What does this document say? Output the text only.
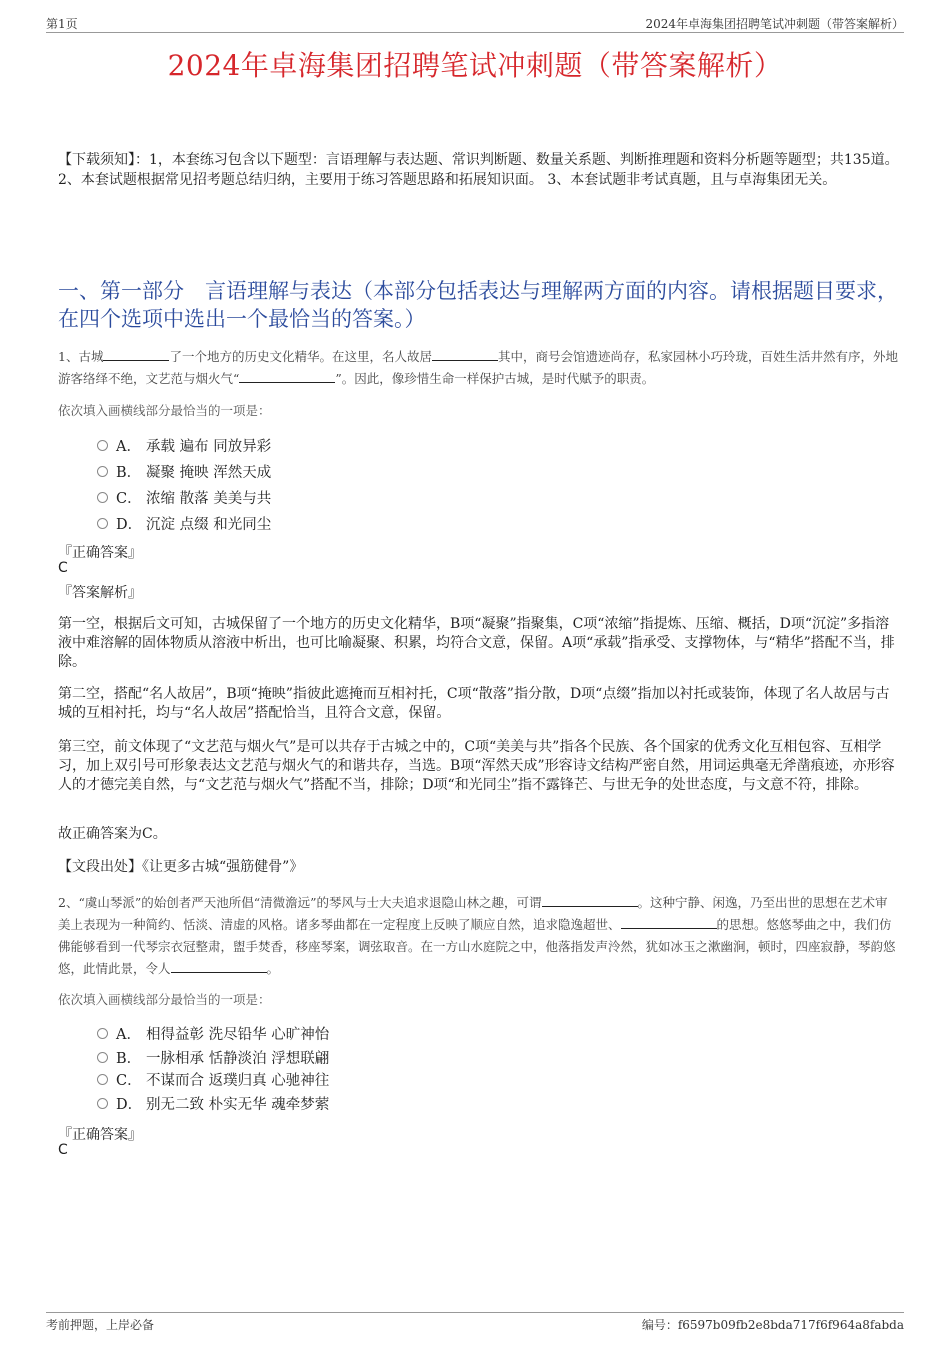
第1页	2024年卓海集团招聘笔试冲刺题（带答案解析）
2024年卓海集团招聘笔试冲刺题（带答案解析）
【下载须知】：1，本套练习包含以下题型：言语理解与表达题、常识判断题、数量关系题、判断推理题和资料分析题等题型；共135道。 2、本套试题根据常见招考题总结归纳，主要用于练习答题思路和拓展知识面。 3、本套试题非考试真题，且与卓海集团无关。
一、第一部分　言语理解与表达（本部分包括表达与理解两方面的内容。请根据题目要求，在四个选项中选出一个最恰当的答案。）
1、古城	了一个地方的历史文化精华。在这里，名人故居	其中，商号会馆遗迹尚存，私家园林小巧玲珑，百姓生活井然有序，外地游客络绎不绝，文艺范与烟火气“	”。因此，像珍惜生命一样保护古城，是时代赋予的职责。
依次填入画横线部分最恰当的一项是：
A． 承载 遍布 同放异彩
B． 凝聚 掩映 浑然天成
C． 浓缩 散落 美美与共
D． 沉淀 点缀 和光同尘
『正确答案』
C
『答案解析』
第一空，根据后文可知，古城保留了一个地方的历史文化精华，B项“凝聚”指聚集，C项“浓缩”指提炼、压缩、概括，D项“沉淀”多指溶液中难溶解的固体物质从溶液中析出，也可比喻凝聚、积累，均符合文意，保留。A项“承载”指承受、支撑物体，与“精华”搭配不当，排除。
第二空，搭配“名人故居”，B项“掩映”指彼此遮掩而互相衬托，C项“散落”指分散，D项“点缀”指加以衬托或装饰，体现了名人故居与古城的互相衬托，均与“名人故居”搭配恰当，且符合文意，保留。
第三空，前文体现了“文艺范与烟火气”是可以共存于古城之中的，C项“美美与共”指各个民族、各个国家的优秀文化互相包容、互相学习，加上双引号可形象表达文艺范与烟火气的和谐共存，当选。B项“浑然天成”形容诗文结构严密自然，用词运典毫无斧凿痕迹，亦形容人的才德完美自然，与“文艺范与烟火气”搭配不当，排除；D项“和光同尘”指不露锋芒、与世无争的处世态度，与文意不符，排除。
故正确答案为C。
【文段出处】《让更多古城“强筋健骨”》
2、“虞山琴派”的始创者严天池所倡“清微澹远”的琴风与士大夫追求退隐山林之趣，可谓	。这种宁静、闲逸，乃至出世的思想在艺术审美上表现为一种简约、恬淡、清虚的风格。诸多琴曲都在一定程度上反映了顺应自然，追求隐逸超世、	的思想。悠悠琴曲之中，我们仿佛能够看到一代琴宗衣冠整肃，盥手焚香，移座琴案，调弦取音。在一方山水庭院之中，他落指发声泠然，犹如冰玉之漱幽涧，顿时，四座寂静，琴韵悠悠，此情此景，令人	。
依次填入画横线部分最恰当的一项是：
A． 相得益彰 洗尽铅华 心旷神怡
B． 一脉相承 恬静淡泊 浮想联翩
C． 不谋而合 返璞归真 心驰神往
D． 别无二致 朴实无华 魂牵梦萦
『正确答案』
C
考前押题，上岸必备	编号：f6597b09fb2e8bda717f6f964a8fabda
